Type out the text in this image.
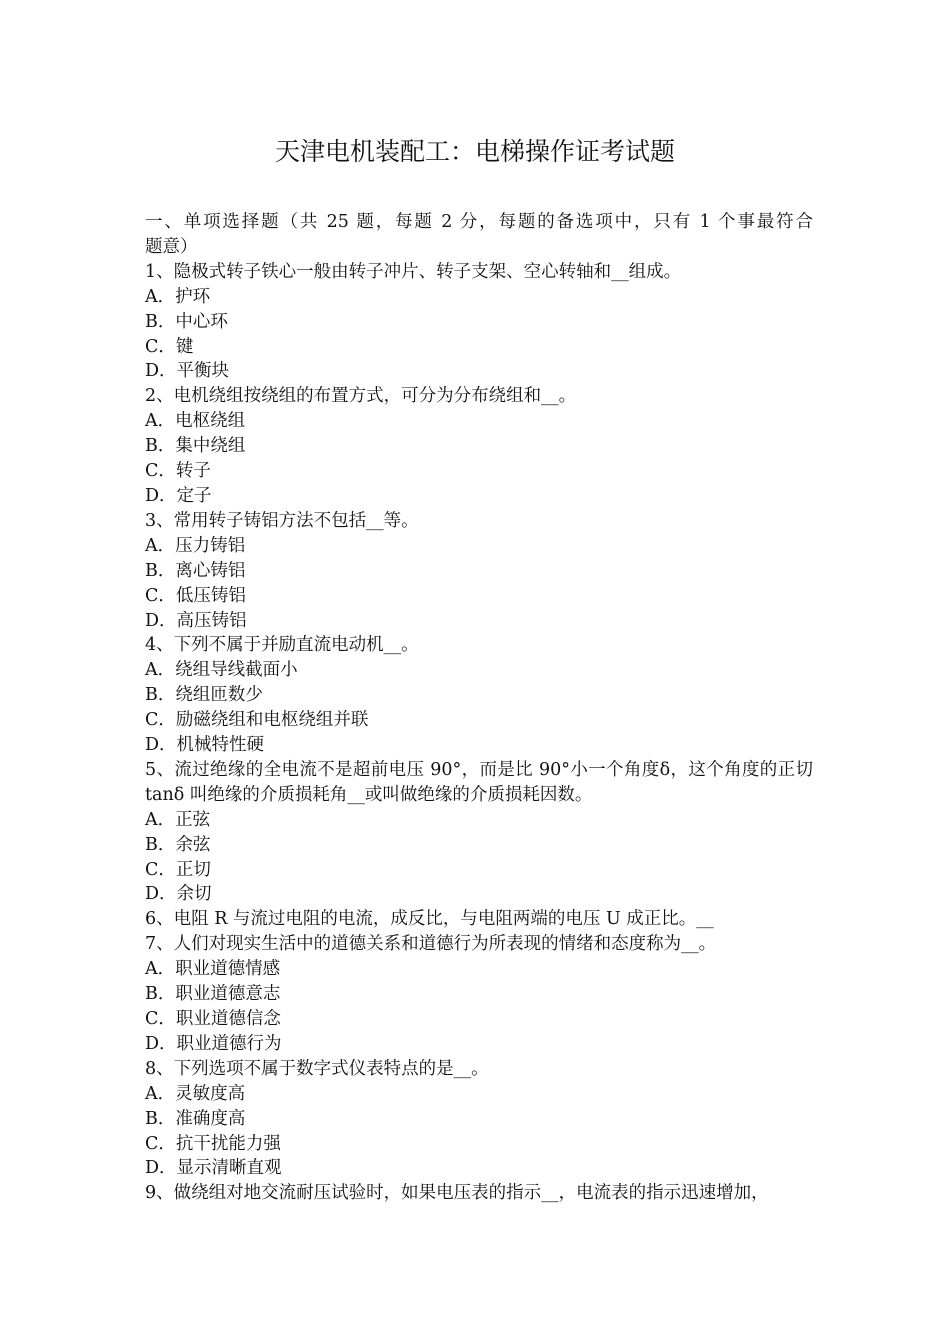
天津电机装配工：电梯操作证考试题
一、单项选择题（共 25 题，每题 2 分，每题的备选项中，只有 1 个事最符合
题意）
1、隐极式转子铁心一般由转子冲片、转子支架、空心转轴和__组成。
A．护环
B．中心环
C．键
D．平衡块
2、电机绕组按绕组的布置方式，可分为分布绕组和__。
A．电枢绕组
B．集中绕组
C．转子
D．定子
3、常用转子铸铝方法不包括__等。
A．压力铸铝
B．离心铸铝
C．低压铸铝
D．高压铸铝
4、下列不属于并励直流电动机__。
A．绕组导线截面小
B．绕组匝数少
C．励磁绕组和电枢绕组并联
D．机械特性硬
5、流过绝缘的全电流不是超前电压 90°，而是比 90°小一个角度δ，这个角度的正切 tanδ 叫绝缘的介质损耗角__或叫做绝缘的介质损耗因数。
A．正弦
B．余弦
C．正切
D．余切
6、电阻 R 与流过电阻的电流，成反比，与电阻两端的电压 U 成正比。__
7、人们对现实生活中的道德关系和道德行为所表现的情绪和态度称为__。
A．职业道德情感
B．职业道德意志
C．职业道德信念
D．职业道德行为
8、下列选项不属于数字式仪表特点的是__。
A．灵敏度高
B．准确度高
C．抗干扰能力强
D．显示清晰直观
9、做绕组对地交流耐压试验时，如果电压表的指示__，电流表的指示迅速增加，
